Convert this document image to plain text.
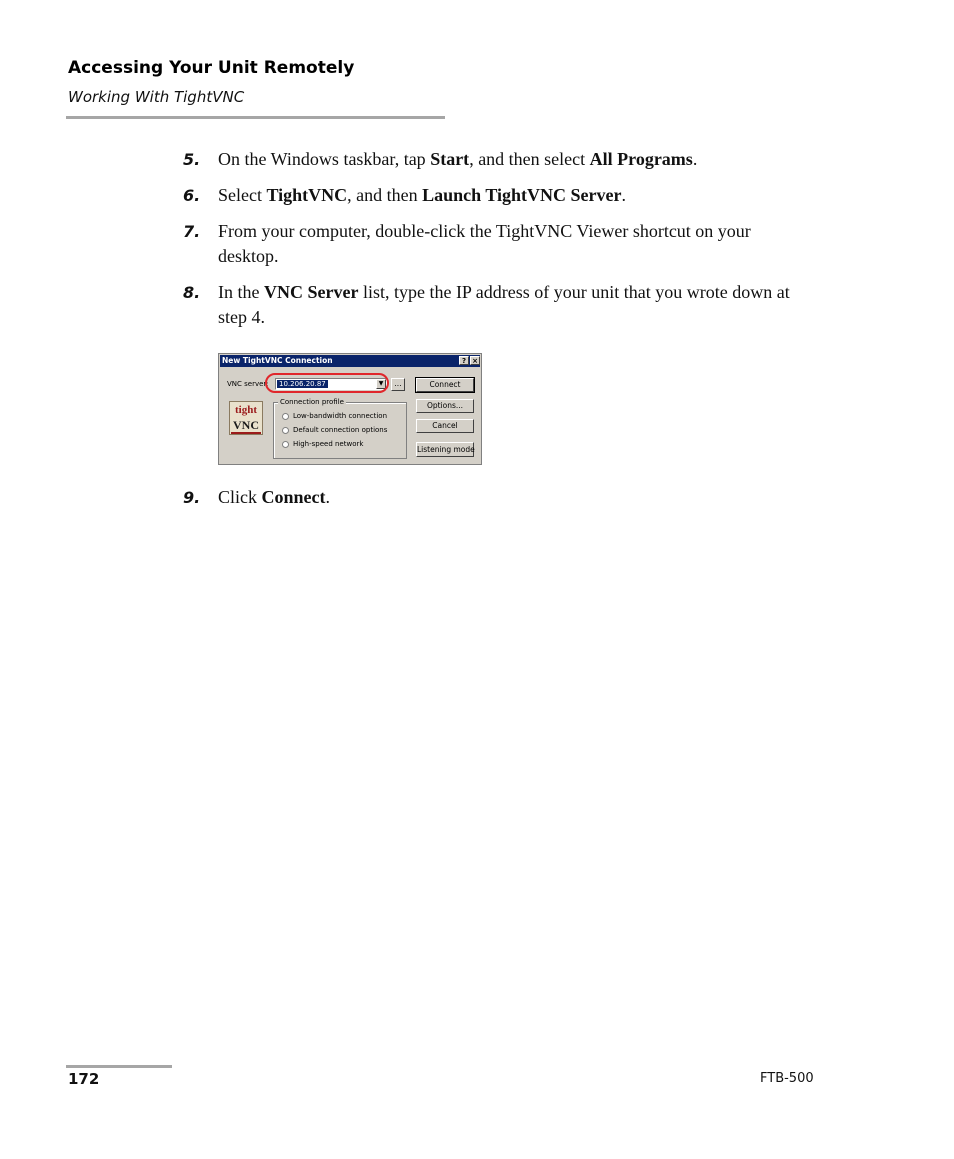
Accessing Your Unit Remotely
Working With TightVNC
5. On the Windows taskbar, tap Start, and then select All Programs.
6. Select TightVNC, and then Launch TightVNC Server.
7. From your computer, double-click the TightVNC Viewer shortcut on your desktop.
8. In the VNC Server list, type the IP address of your unit that you wrote down at step 4.
New TightVNC Connection	? ×
VNC server: 10.206.20.87	▼	...	Connect
Options...
Cancel
Listening mode
tight
VNC
Connection profile
Low-bandwidth connection
Default connection options
High-speed network
9. Click Connect.
172	FTB-500
